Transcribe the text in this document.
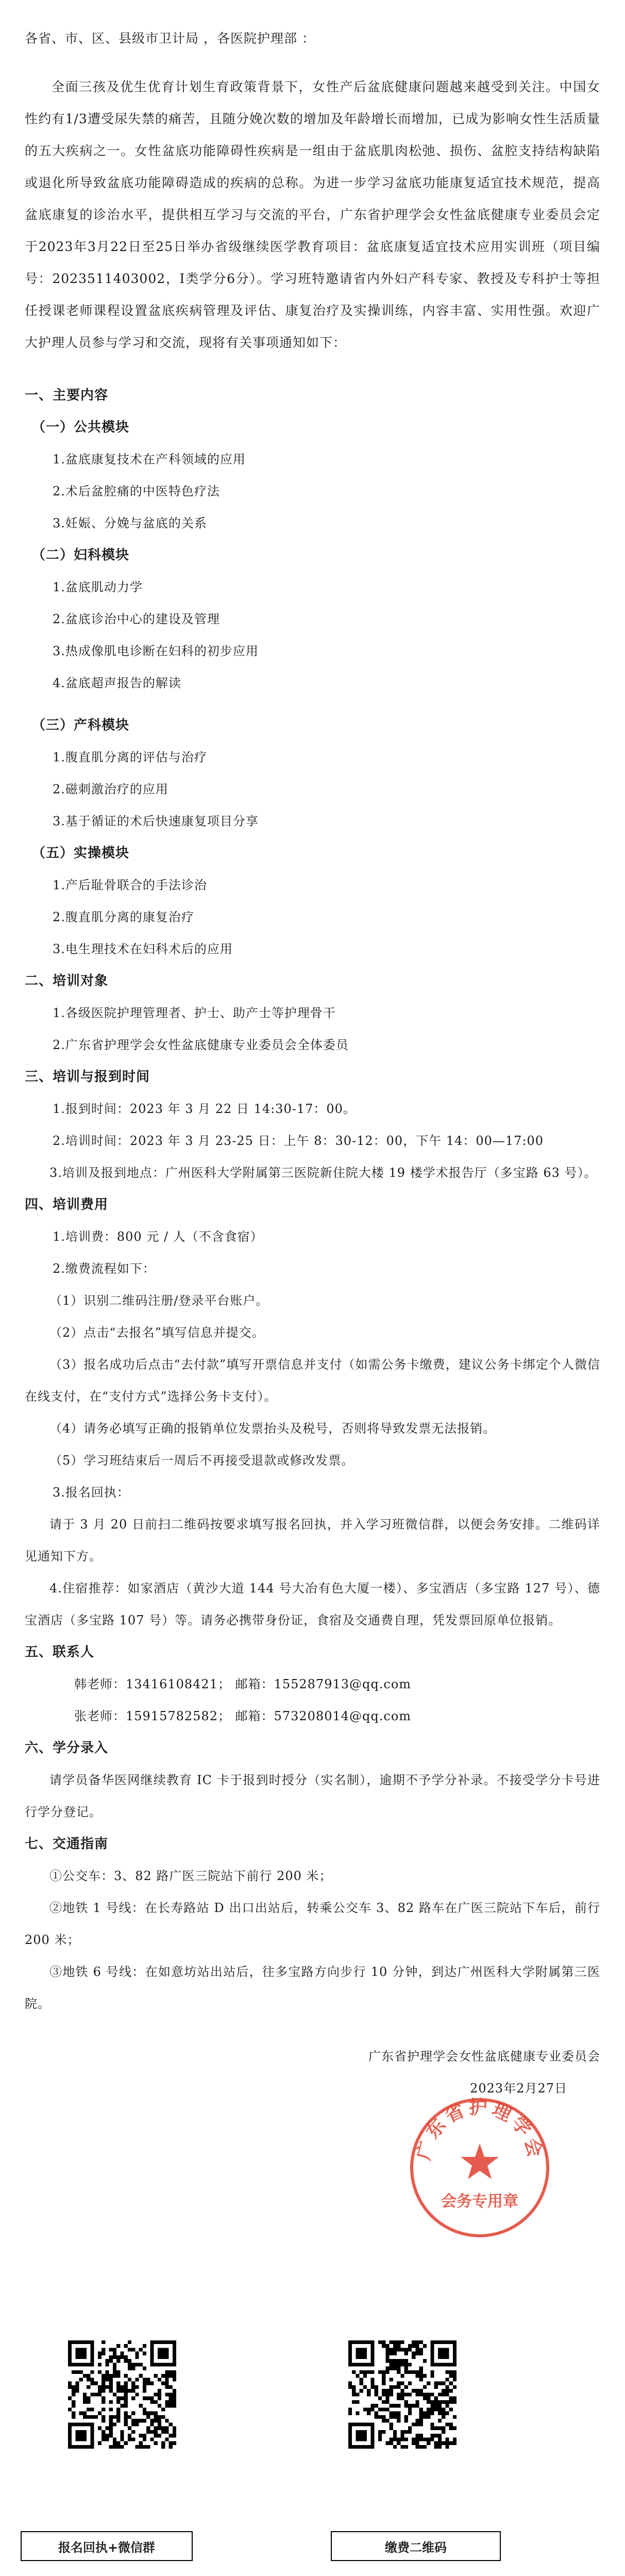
各省、市、区、县级市卫计局 ，各医院护理部 ：

全面三孩及优生优育计划生育政策背景下，女性产后盆底健康问题越来越受到关注。中国女性约有1/3遭受尿失禁的痛苦，且随分娩次数的增加及年龄增长而增加，已成为影响女性生活质量的五大疾病之一。女性盆底功能障碍性疾病是一组由于盆底肌肉松弛、损伤、盆腔支持结构缺陷或退化所导致盆底功能障碍造成的疾病的总称。为进一步学习盆底功能康复适宜技术规范，提高盆底康复的诊治水平，提供相互学习与交流的平台，广东省护理学会女性盆底健康专业委员会定于2023年3月22日至25日举办省级继续医学教育项目：盆底康复适宜技术应用实训班（项目编号：2023511403002，I类学分6分）。学习班特邀请省内外妇产科专家、教授及专科护士等担任授课老师课程设置盆底疾病管理及评估、康复治疗及实操训练，内容丰富、实用性强。欢迎广大护理人员参与学习和交流，现将有关事项通知如下：

一、主要内容

（一）公共模块

1.盆底康复技术在产科领域的应用

2.术后盆腔痛的中医特色疗法

3.妊娠、分娩与盆底的关系

（二）妇科模块

1.盆底肌动力学

2.盆底诊治中心的建设及管理

3.热成像肌电诊断在妇科的初步应用

4.盆底超声报告的解读

（三）产科模块

1.腹直肌分离的评估与治疗

2.磁刺激治疗的应用

3.基于循证的术后快速康复项目分享

（五）实操模块

1.产后耻骨联合的手法诊治

2.腹直肌分离的康复治疗

3.电生理技术在妇科术后的应用

二、培训对象

1.各级医院护理管理者、护士、助产士等护理骨干

2.广东省护理学会女性盆底健康专业委员会全体委员

三、培训与报到时间

1.报到时间：2023 年 3 月 22 日 14:30-17：00。

2.培训时间：2023 年 3 月 23-25 日：上午 8：30-12：00，下午 14：00—17:00

3.培训及报到地点：广州医科大学附属第三医院新住院大楼 19 楼学术报告厅（多宝路 63 号）。

四、培训费用

1.培训费：800 元 / 人（不含食宿）

2.缴费流程如下：

（1）识别二维码注册/登录平台账户。

（2）点击“去报名”填写信息并提交。

（3）报名成功后点击“去付款”填写开票信息并支付（如需公务卡缴费，建议公务卡绑定个人微信在线支付，在“支付方式”选择公务卡支付）。

（4）请务必填写正确的报销单位发票抬头及税号，否则将导致发票无法报销。

（5）学习班结束后一周后不再接受退款或修改发票。

3.报名回执：

请于 3 月 20 日前扫二维码按要求填写报名回执，并入学习班微信群，以便会务安排。二维码详见通知下方。

4.住宿推荐：如家酒店（黄沙大道 144 号大冶有色大厦一楼）、多宝酒店（多宝路 127 号）、德宝酒店（多宝路 107 号）等。请务必携带身份证，食宿及交通费自理，凭发票回原单位报销。

五、联系人

韩老师：13416108421； 邮箱：155287913@qq.com

张老师：15915782582； 邮箱：573208014@qq.com

六、学分录入

请学员备华医网继续教育 IC 卡于报到时授分（实名制），逾期不予学分补录。不接受学分卡号进行学分登记。

七、交通指南

①公交车：3、82 路广医三院站下前行 200 米；

②地铁 1 号线：在长寿路站 D 出口出站后，转乘公交车 3、82 路车在广医三院站下车后，前行 200 米；

③地铁 6 号线：在如意坊站出站后，往多宝路方向步行 10 分钟，到达广州医科大学附属第三医院。

广东省护理学会女性盆底健康专业委员会

2023年2月27日

广东省护理学会
会务专用章
报名回执+微信群	缴费二维码
